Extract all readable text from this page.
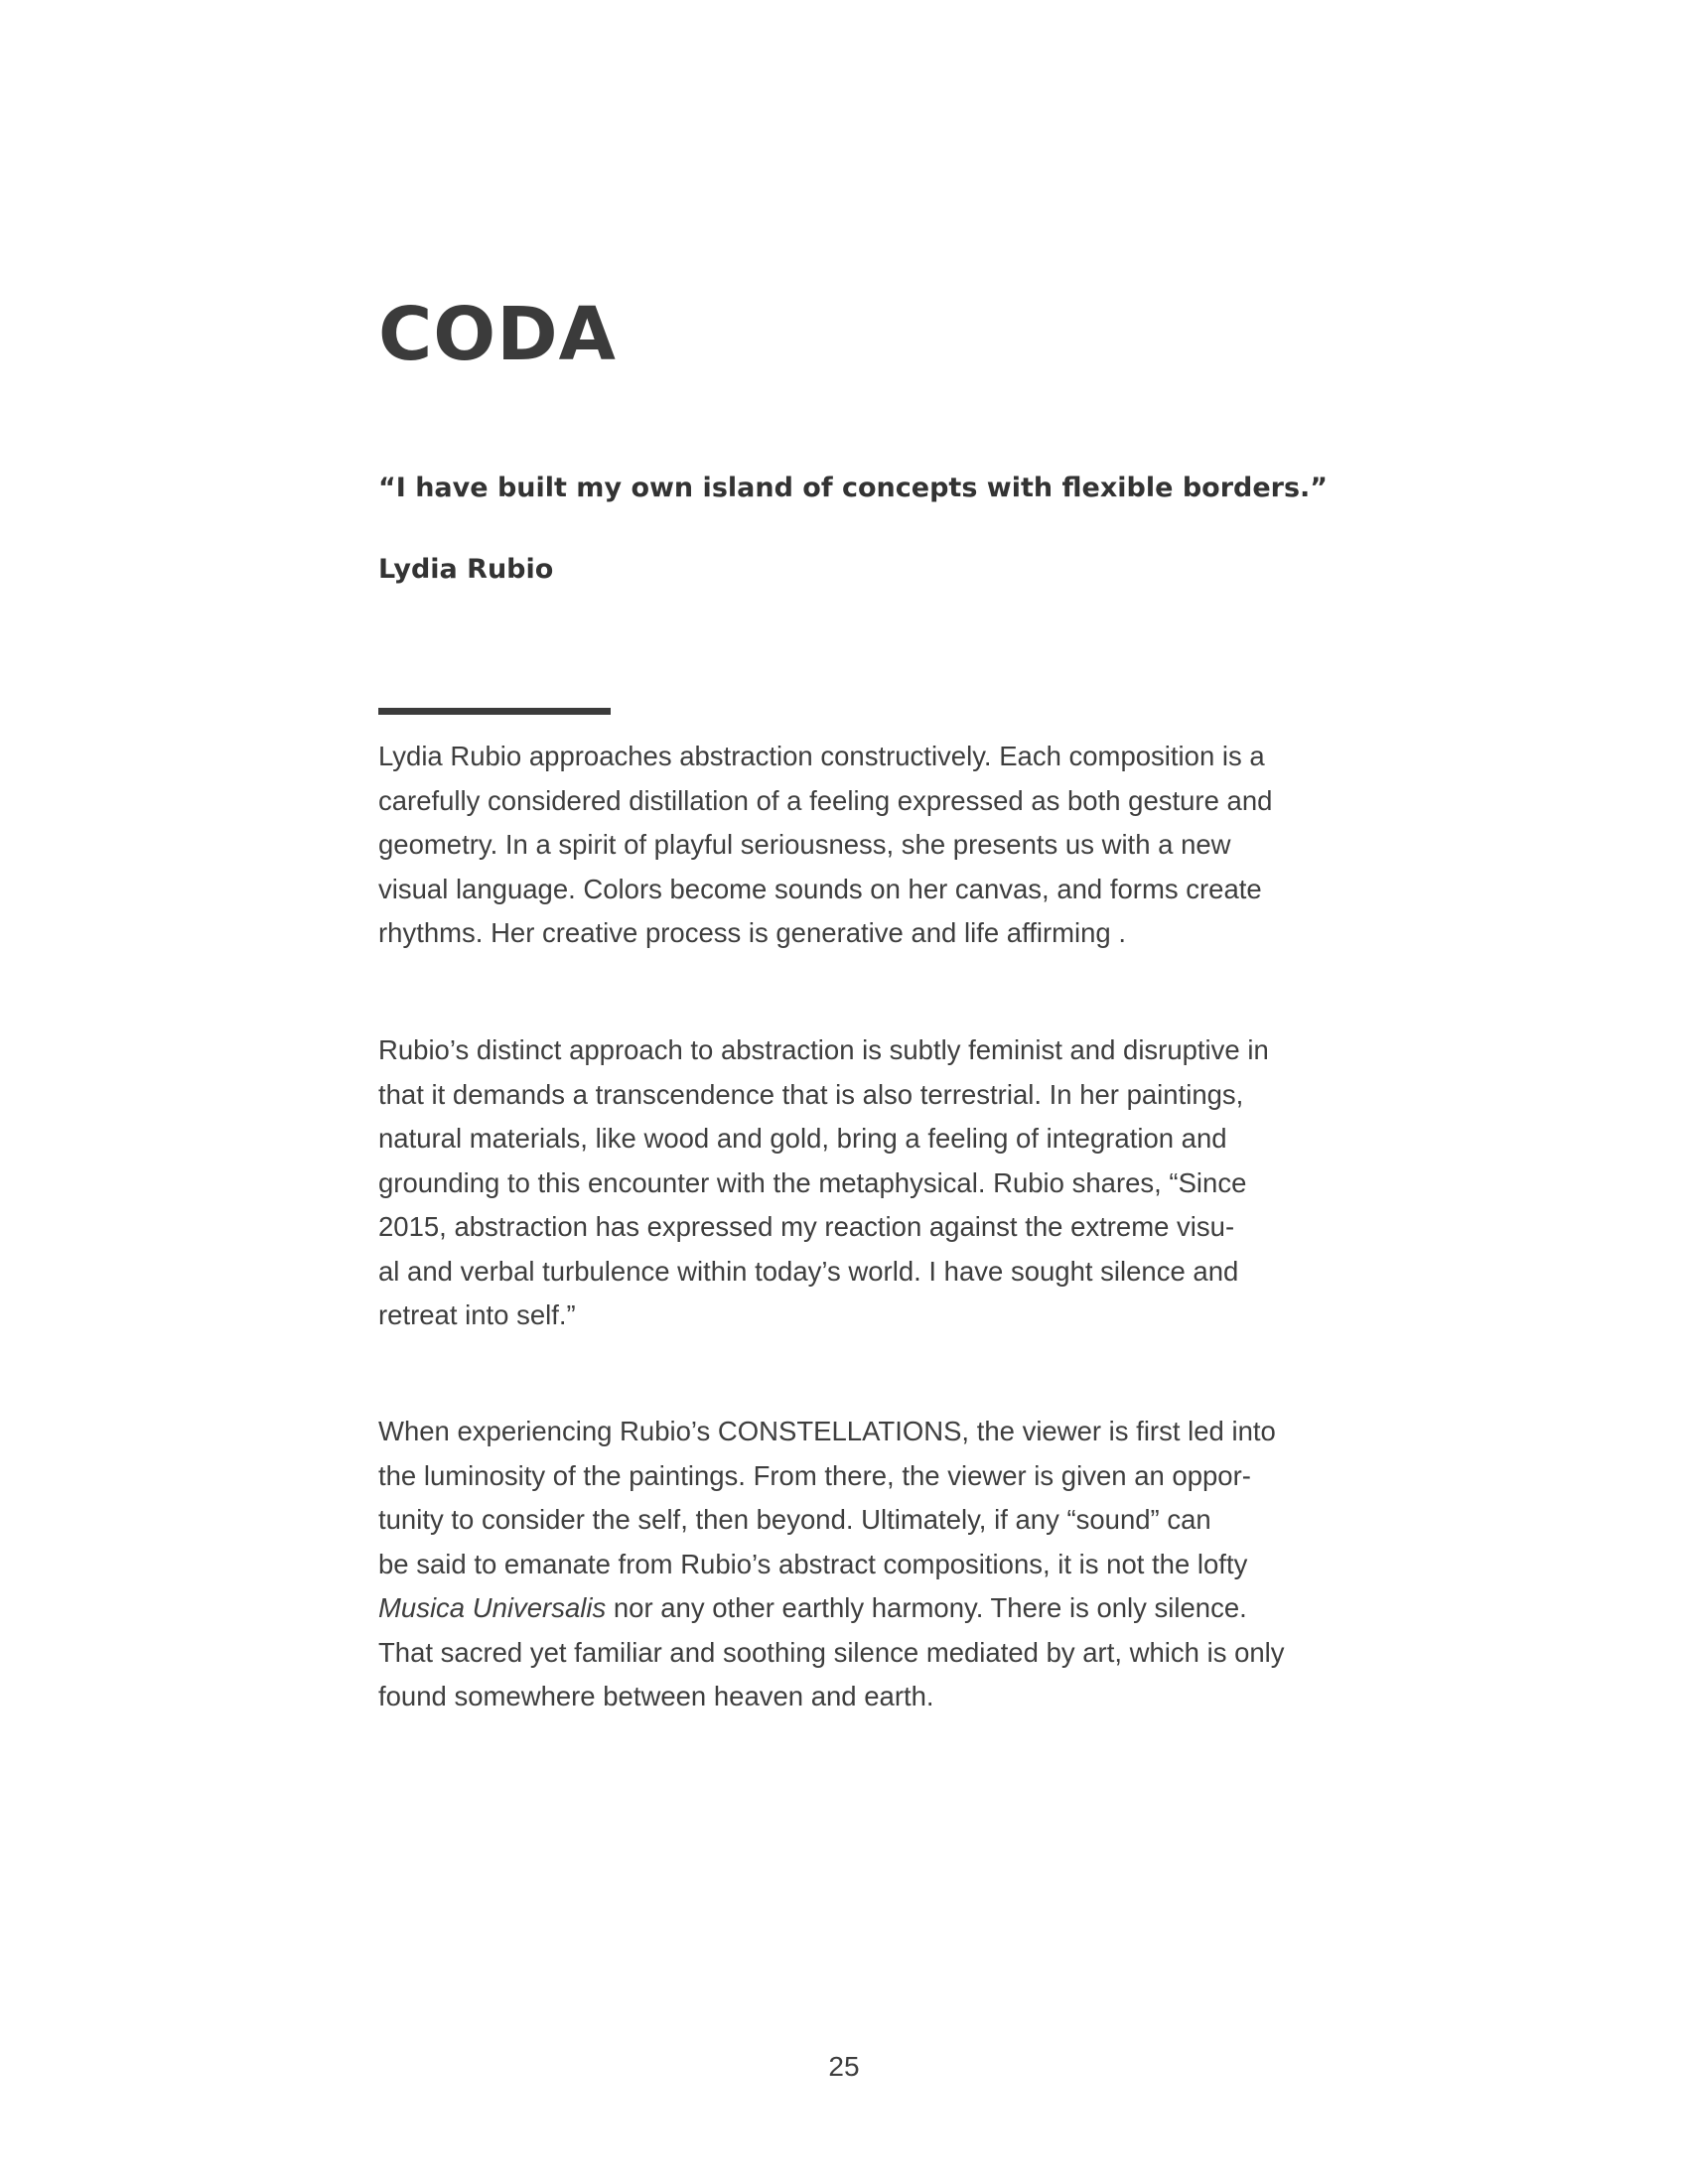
CODA

“I have built my own island of concepts with flexible borders.”

Lydia Rubio

Lydia Rubio approaches abstraction constructively. Each composition is a
carefully considered distillation of a feeling expressed as both gesture and
geometry. In a spirit of playful seriousness, she presents us with a new
visual language. Colors become sounds on her canvas, and forms create
rhythms. Her creative process is generative and life affirming .
Rubio’s distinct approach to abstraction is subtly feminist and disruptive in
that it demands a transcendence that is also terrestrial. In her paintings,
natural materials, like wood and gold, bring a feeling of integration and
grounding to this encounter with the metaphysical. Rubio shares, “Since
2015, abstraction has expressed my reaction against the extreme visu-
al and verbal turbulence within today’s world. I have sought silence and
retreat into self.”
When experiencing Rubio’s CONSTELLATIONS, the viewer is first led into
the luminosity of the paintings. From there, the viewer is given an oppor-
tunity to consider the self, then beyond. Ultimately, if any “sound” can
be said to emanate from Rubio’s abstract compositions, it is not the lofty
Musica Universalis nor any other earthly harmony. There is only silence.
That sacred yet familiar and soothing silence mediated by art, which is only
found somewhere between heaven and earth.

25
